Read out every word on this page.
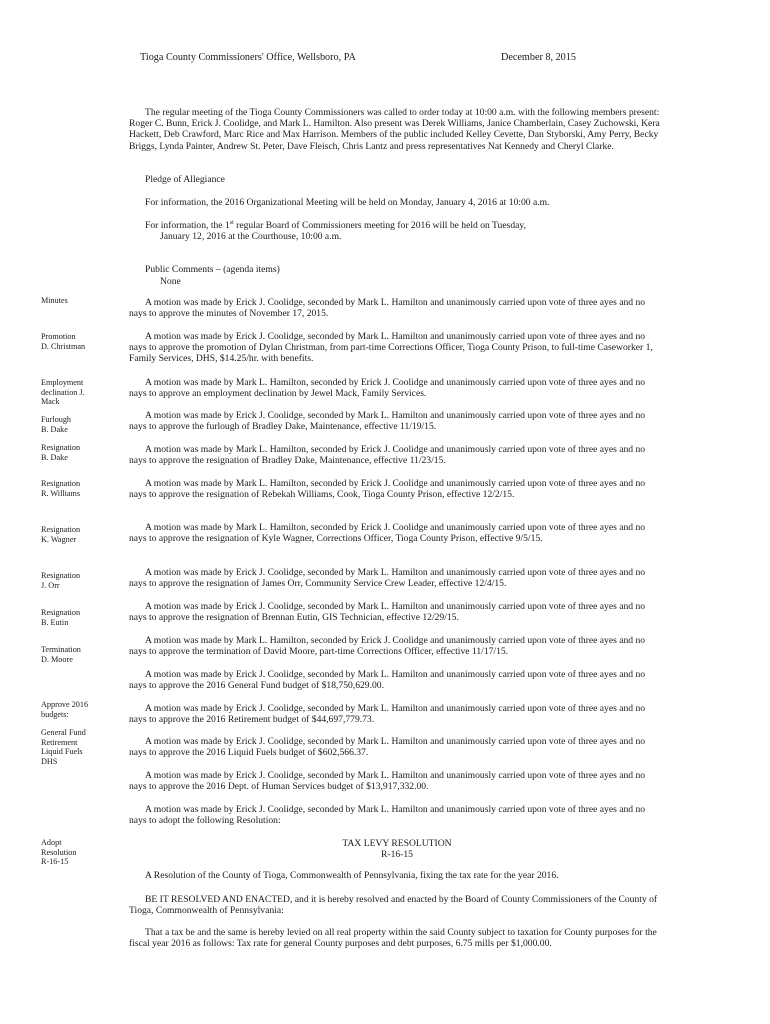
Tioga County Commissioners' Office, Wellsboro, PA	December 8, 2015
The regular meeting of the Tioga County Commissioners was called to order today at 10:00 a.m. with the following members present: Roger C. Bunn, Erick J. Coolidge, and Mark L. Hamilton. Also present was Derek Williams, Janice Chamberlain, Casey Zuchowski, Kera Hackett, Deb Crawford, Marc Rice and Max Harrison. Members of the public included Kelley Cevette, Dan Styborski, Amy Perry, Becky Briggs, Lynda Painter, Andrew St. Peter, Dave Fleisch, Chris Lantz and press representatives Nat Kennedy and Cheryl Clarke.
Pledge of Allegiance
For information, the 2016 Organizational Meeting will be held on Monday, January 4, 2016 at 10:00 a.m.
For information, the 1st regular Board of Commissioners meeting for 2016 will be held on Tuesday,
January 12, 2016 at the Courthouse, 10:00 a.m.
Public Comments – (agenda items)
None
Minutes
Promotion
D. Christman
Employment
declination J.
Mack
Furlough
B. Dake
Resignation
B. Dake
Resignation
R. Williams
Resignation
K. Wagner
Resignation
J. Orr
Resignation
B. Eutin
Termination
D. Moore
Approve 2016
budgets:
General Fund
Retirement
Liquid Fuels
DHS
Adopt
Resolution
R-16-15
A motion was made by Erick J. Coolidge, seconded by Mark L. Hamilton and unanimously carried upon vote of three ayes and no nays to approve the minutes of November 17, 2015.
A motion was made by Erick J. Coolidge, seconded by Mark L. Hamilton and unanimously carried upon vote of three ayes and no nays to approve the promotion of Dylan Christman, from part-time Corrections Officer, Tioga County Prison, to full-time Caseworker 1, Family Services, DHS, $14.25/hr. with benefits.
A motion was made by Mark L. Hamilton, seconded by Erick J. Coolidge and unanimously carried upon vote of three ayes and no nays to approve an employment declination by Jewel Mack, Family Services.
A motion was made by Erick J. Coolidge, seconded by Mark L. Hamilton and unanimously carried upon vote of three ayes and no nays to approve the furlough of Bradley Dake, Maintenance, effective 11/19/15.
A motion was made by Mark L. Hamilton, seconded by Erick J. Coolidge and unanimously carried upon vote of three ayes and no nays to approve the resignation of Bradley Dake, Maintenance, effective 11/23/15.
A motion was made by Mark L. Hamilton, seconded by Erick J. Coolidge and unanimously carried upon vote of three ayes and no nays to approve the resignation of Rebekah Williams, Cook, Tioga County Prison, effective 12/2/15.
A motion was made by Mark L. Hamilton, seconded by Erick J. Coolidge and unanimously carried upon vote of three ayes and no nays to approve the resignation of Kyle Wagner, Corrections Officer, Tioga County Prison, effective 9/5/15.
A motion was made by Erick J. Coolidge, seconded by Mark L. Hamilton and unanimously carried upon vote of three ayes and no nays to approve the resignation of James Orr, Community Service Crew Leader, effective 12/4/15.
A motion was made by Erick J. Coolidge, seconded by Mark L. Hamilton and unanimously carried upon vote of three ayes and no nays to approve the resignation of Brennan Eutin, GIS Technician, effective 12/29/15.
A motion was made by Mark L. Hamilton, seconded by Erick J. Coolidge and unanimously carried upon vote of three ayes and no nays to approve the termination of David Moore, part-time Corrections Officer, effective 11/17/15.
A motion was made by Erick J. Coolidge, seconded by Mark L. Hamilton and unanimously carried upon vote of three ayes and no nays to approve the 2016 General Fund budget of $18,750,629.00.
A motion was made by Erick J. Coolidge, seconded by Mark L. Hamilton and unanimously carried upon vote of three ayes and no nays to approve the 2016 Retirement budget of $44,697,779.73.
A motion was made by Erick J. Coolidge, seconded by Mark L. Hamilton and unanimously carried upon vote of three ayes and no nays to approve the 2016 Liquid Fuels budget of $602,566.37.
A motion was made by Erick J. Coolidge, seconded by Mark L. Hamilton and unanimously carried upon vote of three ayes and no nays to approve the 2016 Dept. of Human Services budget of $13,917,332.00.
A motion was made by Erick J. Coolidge, seconded by Mark L. Hamilton and unanimously carried upon vote of three ayes and no nays to adopt the following Resolution:
TAX LEVY RESOLUTION
R-16-15
A Resolution of the County of Tioga, Commonwealth of Pennsylvania, fixing the tax rate for the year 2016.
BE IT RESOLVED AND ENACTED, and it is hereby resolved and enacted by the Board of County Commissioners of the County of Tioga, Commonwealth of Pennsylvania:
That a tax be and the same is hereby levied on all real property within the said County subject to taxation for County purposes for the fiscal year 2016 as follows: Tax rate for general County purposes and debt purposes, 6.75 mills per $1,000.00.
